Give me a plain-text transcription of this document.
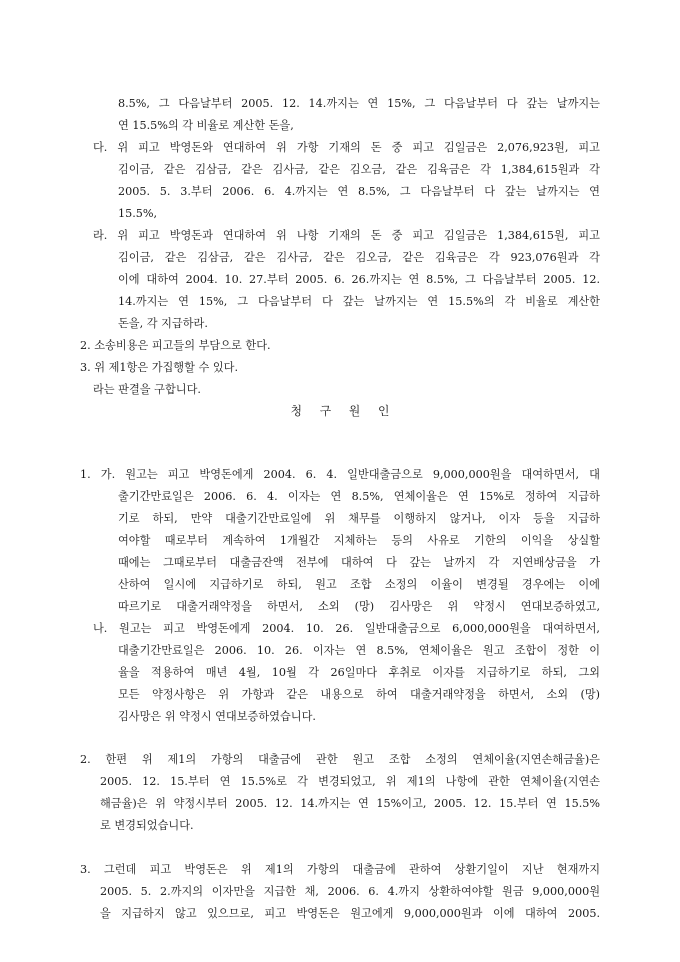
8.5%, 그 다음날부터 2005. 12. 14.까지는 연 15%, 그 다음날부터 다 갚는 날까지는

연 15.5%의 각 비율로 계산한 돈을,

다. 위 피고 박영돈와 연대하여 위 가항 기재의 돈 중 피고 김일금은 2,076,923원, 피고

김이금, 같은 김삼금, 같은 김사금, 같은 김오금, 같은 김육금은 각 1,384,615원과 각

2005. 5. 3.부터 2006. 6. 4.까지는 연 8.5%, 그 다음날부터 다 갚는 날까지는 연

15.5%,

라. 위 피고 박영돈과 연대하여 위 나항 기재의 돈 중 피고 김일금은 1,384,615원, 피고

김이금, 같은 김삼금, 같은 김사금, 같은 김오금, 같은 김육금은 각 923,076원과 각

이에 대하여 2004. 10. 27.부터 2005. 6. 26.까지는 연 8.5%, 그 다음날부터 2005. 12.

14.까지는 연 15%, 그 다음날부터 다 갚는 날까지는 연 15.5%의 각 비율로 계산한

돈을, 각 지급하라.

2. 소송비용은 피고들의 부담으로 한다.

3. 위 제1항은 가집행할 수 있다.

라는 판결을 구합니다.

청 구 원 인

1. 가. 원고는 피고 박영돈에게 2004. 6. 4. 일반대출금으로 9,000,000원을 대여하면서, 대

출기간만료일은 2006. 6. 4. 이자는 연 8.5%, 연체이율은 연 15%로 정하여 지급하

기로 하되, 만약 대출기간만료일에 위 채무를 이행하지 않거나, 이자 등을 지급하

여야할 때로부터 계속하여 1개월간 지체하는 등의 사유로 기한의 이익을 상실할

때에는 그때로부터 대출금잔액 전부에 대하여 다 갚는 날까지 각 지연배상금을 가

산하여 일시에 지급하기로 하되, 원고 조합 소정의 이율이 변경될 경우에는 이에

따르기로 대출거래약정을 하면서, 소외 (망) 김사망은 위 약정시 연대보증하였고,

나. 원고는 피고 박영돈에게 2004. 10. 26. 일반대출금으로 6,000,000원을 대여하면서,

대출기간만료일은 2006. 10. 26. 이자는 연 8.5%, 연체이율은 원고 조합이 정한 이

율을 적용하여 매년 4월, 10월 각 26일마다 후취로 이자를 지급하기로 하되, 그외

모든 약정사항은 위 가항과 같은 내용으로 하여 대출거래약정을 하면서, 소외 (망)

김사망은 위 약정시 연대보증하였습니다.

2. 한편 위 제1의 가항의 대출금에 관한 원고 조합 소정의 연체이율(지연손해금율)은

2005. 12. 15.부터 연 15.5%로 각 변경되었고, 위 제1의 나항에 관한 연체이율(지연손

해금율)은 위 약정시부터 2005. 12. 14.까지는 연 15%이고, 2005. 12. 15.부터 연 15.5%

로 변경되었습니다.

3. 그런데 피고 박영돈은 위 제1의 가항의 대출금에 관하여 상환기일이 지난 현재까지

2005. 5. 2.까지의 이자만을 지급한 채, 2006. 6. 4.까지 상환하여야할 원금 9,000,000원

을 지급하지 않고 있으므로, 피고 박영돈은 원고에게 9,000,000원과 이에 대하여 2005.
